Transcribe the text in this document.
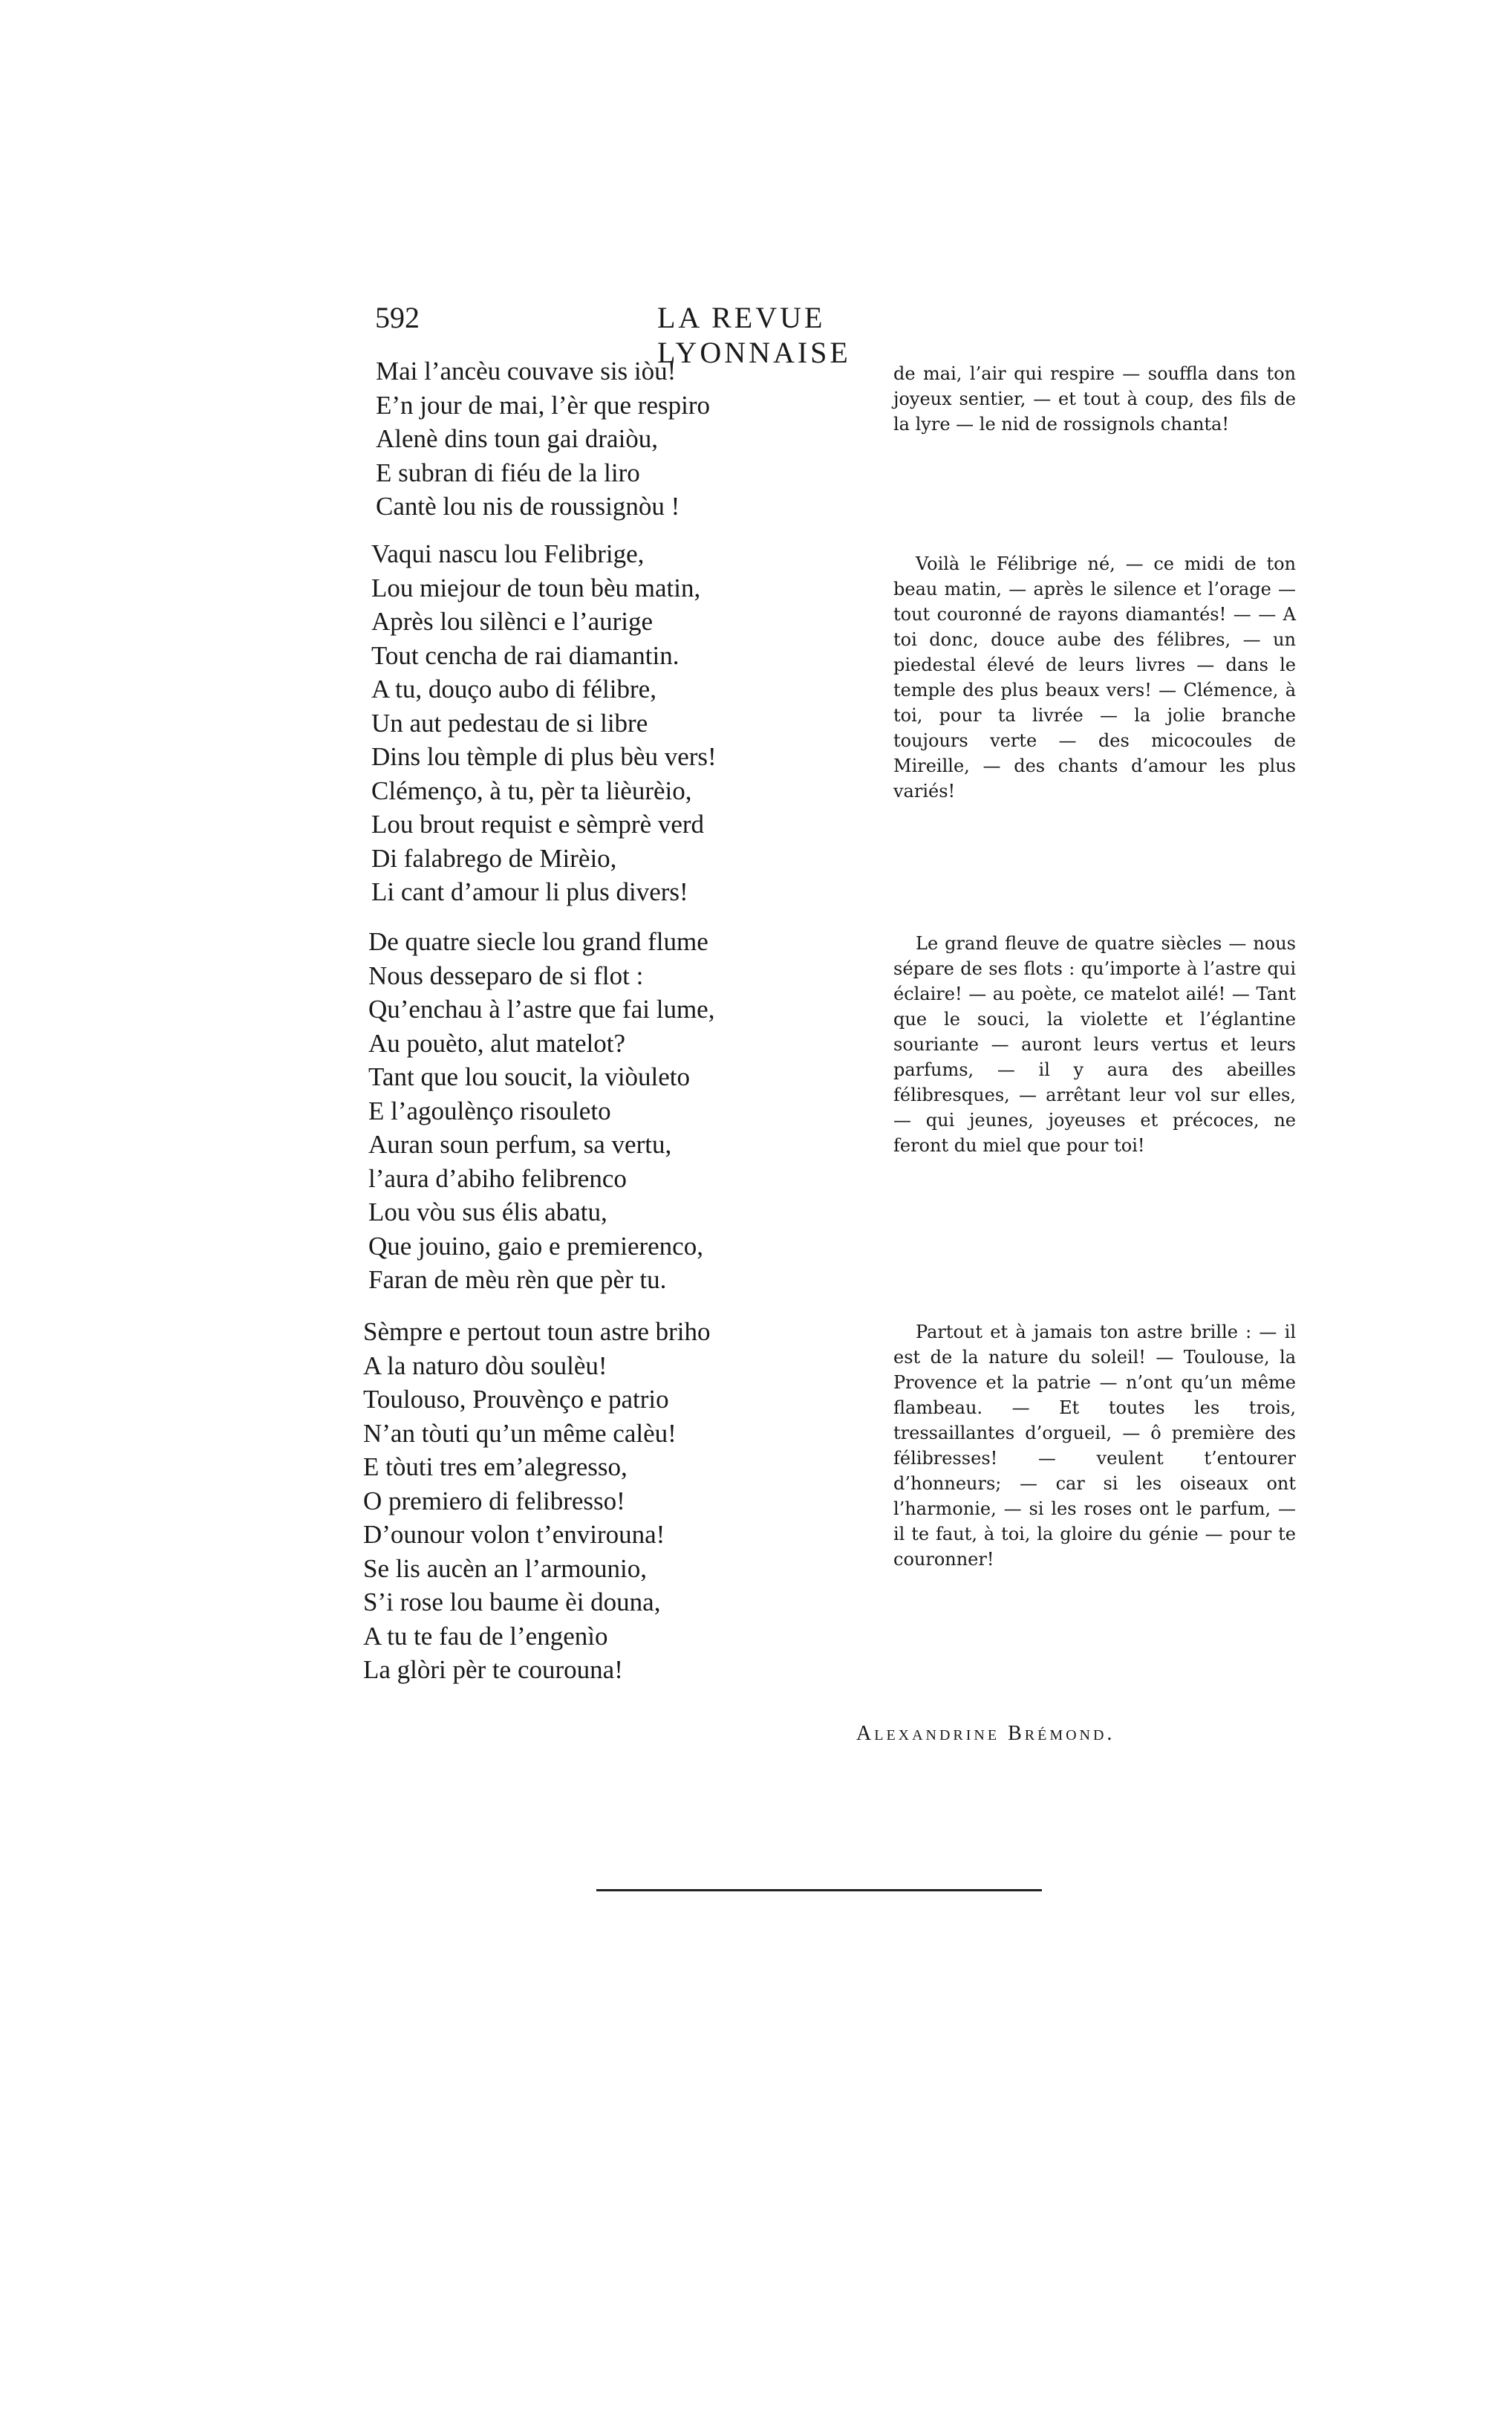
592	LA REVUE LYONNAISE
Mai l’ancèu couvave sis iòu!
E’n jour de mai, l’èr que respiro
Alenè dins toun gai draiòu,
E subran di fiéu de la liro
Cantè lou nis de roussignòu !
Vaqui nascu lou Felibrige,
Lou miejour de toun bèu matin,
Après lou silènci e l’aurige
Tout cencha de rai diamantin.
A tu, douço aubo di félibre,
Un aut pedestau de si libre
Dins lou tèmple di plus bèu vers!
Clémenço, à tu, pèr ta lièurèio,
Lou brout requist e sèmprè verd
Di falabrego de Mirèio,
Li cant d’amour li plus divers!
De quatre siecle lou grand flume
Nous desseparo de si flot :
Qu’enchau à l’astre que fai lume,
Au pouèto, alut matelot?
Tant que lou soucit, la viòuleto
E l’agoulènço risouleto
Auran soun perfum, sa vertu,
l’aura d’abiho felibrenco
Lou vòu sus élis abatu,
Que jouino, gaio e premierenco,
Faran de mèu rèn que pèr tu.
Sèmpre e pertout toun astre briho
A la naturo dòu soulèu!
Toulouso, Prouvènço e patrio
N’an tòuti qu’un même calèu!
E tòuti tres em’alegresso,
O premiero di felibresso!
D’ounour volon t’envirouna!
Se lis aucèn an l’armounio,
S’i rose lou baume èi douna,
A tu te fau de l’engenìo
La glòri pèr te courouna!

de mai, l’air qui respire — souffla dans ton joyeux sentier, — et tout à coup, des fils de la lyre — le nid de rossignols chanta!

Voilà le Félibrige né, — ce midi de ton beau matin, — après le silence et l’orage — tout couronné de rayons diamantés! — — A toi donc, douce aube des félibres, — un piedestal élevé de leurs livres — dans le temple des plus beaux vers! — Clémence, à toi, pour ta livrée — la jolie branche toujours verte — des micocoules de Mireille, — des chants d’amour les plus variés!

Le grand fleuve de quatre siècles — nous sépare de ses flots : qu’importe à l’astre qui éclaire! — au poète, ce matelot ailé! — Tant que le souci, la violette et l’églantine souriante — auront leurs vertus et leurs parfums, — il y aura des abeilles félibresques, — arrêtant leur vol sur elles, — qui jeunes, joyeuses et précoces, ne feront du miel que pour toi!

Partout et à jamais ton astre brille : — il est de la nature du soleil! — Toulouse, la Provence et la patrie — n’ont qu’un même flambeau. — Et toutes les trois, tressaillantes d’orgueil, — ô première des félibresses! — veulent t’entourer d’honneurs; — car si les oiseaux ont l’harmonie, — si les roses ont le parfum, — il te faut, à toi, la gloire du génie — pour te couronner!

Alexandrine Brémond.
